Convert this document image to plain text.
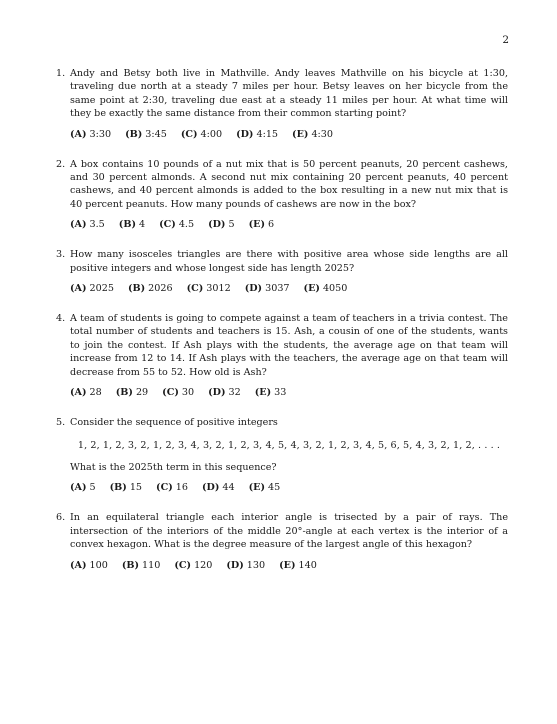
2
1. Andy and Betsy both live in Mathville. Andy leaves Mathville on his bicycle at 1:30, traveling due north at a steady 7 miles per hour. Betsy leaves on her bicycle from the same point at 2:30, traveling due east at a steady 11 miles per hour. At what time will they be exactly the same distance from their common starting point?

(A) 3:30 (B) 3:45 (C) 4:00 (D) 4:15 (E) 4:30
2. A box contains 10 pounds of a nut mix that is 50 percent peanuts, 20 percent cashews, and 30 percent almonds. A second nut mix containing 20 percent peanuts, 40 percent cashews, and 40 percent almonds is added to the box resulting in a new nut mix that is 40 percent peanuts. How many pounds of cashews are now in the box?

(A) 3.5 (B) 4 (C) 4.5 (D) 5 (E) 6
3. How many isosceles triangles are there with positive area whose side lengths are all positive integers and whose longest side has length 2025?

(A) 2025 (B) 2026 (C) 3012 (D) 3037 (E) 4050
4. A team of students is going to compete against a team of teachers in a trivia contest. The total number of students and teachers is 15. Ash, a cousin of one of the students, wants to join the contest. If Ash plays with the students, the average age on that team will increase from 12 to 14. If Ash plays with the teachers, the average age on that team will decrease from 55 to 52. How old is Ash?

(A) 28 (B) 29 (C) 30 (D) 32 (E) 33
5. Consider the sequence of positive integers

1, 2, 1, 2, 3, 2, 1, 2, 3, 4, 3, 2, 1, 2, 3, 4, 5, 4, 3, 2, 1, 2, 3, 4, 5, 6, 5, 4, 3, 2, 1, 2, . . . .

What is the 2025th term in this sequence?

(A) 5 (B) 15 (C) 16 (D) 44 (E) 45
6. In an equilateral triangle each interior angle is trisected by a pair of rays. The intersection of the interiors of the middle 20°-angle at each vertex is the interior of a convex hexagon. What is the degree measure of the largest angle of this hexagon?

(A) 100 (B) 110 (C) 120 (D) 130 (E) 140
